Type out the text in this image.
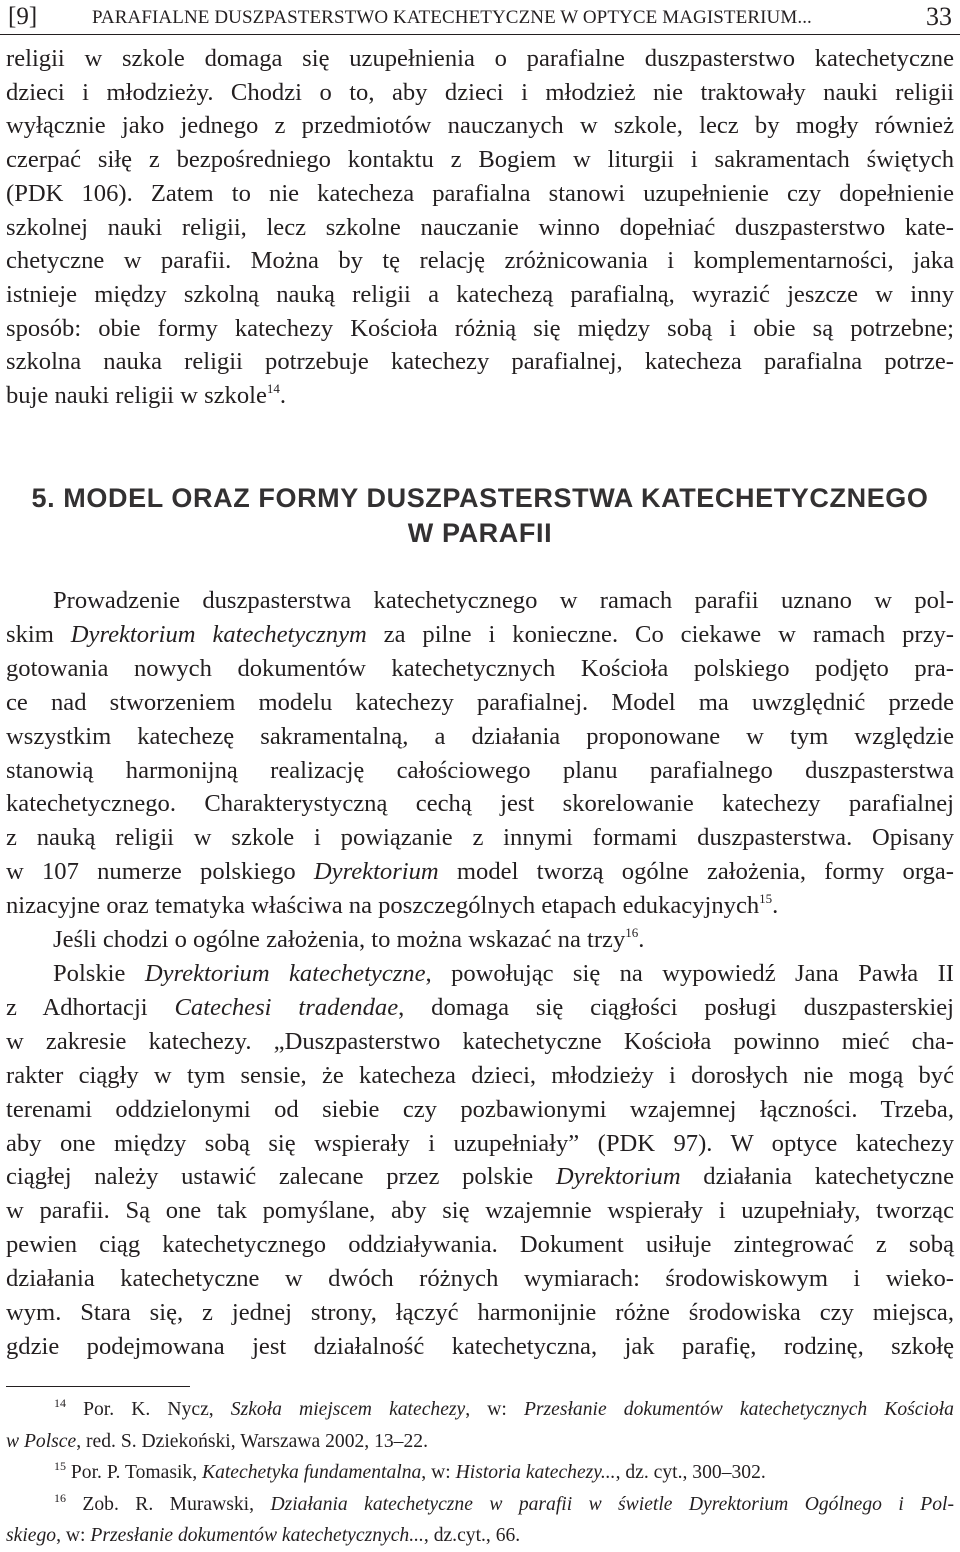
[9]	PARAFIALNE DUSZPASTERSTWO KATECHETYCZNE W OPTYCE MAGISTERIUM...	33
religii w szkole domaga się uzupełnienia o parafialne duszpasterstwo katechetyczne
dzieci i młodzieży. Chodzi o to, aby dzieci i młodzież nie traktowały nauki religii
wyłącznie jako jednego z przedmiotów nauczanych w szkole, lecz by mogły również
czerpać siłę z bezpośredniego kontaktu z Bogiem w liturgii i sakramentach świętych
(PDK 106). Zatem to nie katecheza parafialna stanowi uzupełnienie czy dopełnienie
szkolnej nauki religii, lecz szkolne nauczanie winno dopełniać duszpasterstwo kate-
chetyczne w parafii. Można by tę relację zróżnicowania i komplementarności, jaka
istnieje między szkolną nauką religii a katechezą parafialną, wyrazić jeszcze w inny
sposób: obie formy katechezy Kościoła różnią się między sobą i obie są potrzebne;
szkolna nauka religii potrzebuje katechezy parafialnej, katecheza parafialna potrze-
buje nauki religii w szkole$^{14}$.
5. MODEL ORAZ FORMY DUSZPASTERSTWA KATECHETYCZNEGO
W PARAFII
Prowadzenie duszpasterstwa katechetycznego w ramach parafii uznano w pol-
skim Dyrektorium katechetycznym za pilne i konieczne. Co ciekawe w ramach przy-
gotowania nowych dokumentów katechetycznych Kościoła polskiego podjęto pra-
ce nad stworzeniem modelu katechezy parafialnej. Model ma uwzględnić przede
wszystkim katechezę sakramentalną, a działania proponowane w tym względzie
stanowią harmonijną realizację całościowego planu parafialnego duszpasterstwa
katechetycznego. Charakterystyczną cechą jest skorelowanie katechezy parafialnej
z nauką religii w szkole i powiązanie z innymi formami duszpasterstwa. Opisany
w 107 numerze polskiego Dyrektorium model tworzą ogólne założenia, formy orga-
nizacyjne oraz tematyka właściwa na poszczególnych etapach edukacyjnych$^{15}$.
Jeśli chodzi o ogólne założenia, to można wskazać na trzy$^{16}$.
Polskie Dyrektorium katechetyczne, powołując się na wypowiedź Jana Pawła II
z Adhortacji Catechesi tradendae, domaga się ciągłości posługi duszpasterskiej
w zakresie katechezy. „Duszpasterstwo katechetyczne Kościoła powinno mieć cha-
rakter ciągły w tym sensie, że katecheza dzieci, młodzieży i dorosłych nie mogą być
terenami oddzielonymi od siebie czy pozbawionymi wzajemnej łączności. Trzeba,
aby one między sobą się wspierały i uzupełniały” (PDK 97). W optyce katechezy
ciągłej należy ustawić zalecane przez polskie Dyrektorium działania katechetyczne
w parafii. Są one tak pomyślane, aby się wzajemnie wspierały i uzupełniały, tworząc
pewien ciąg katechetycznego oddziaływania. Dokument usiłuje zintegrować z sobą
działania katechetyczne w dwóch różnych wymiarach: środowiskowym i wieko-
wym. Stara się, z jednej strony, łączyć harmonijnie różne środowiska czy miejsca,
gdzie podejmowana jest działalność katechetyczna, jak parafię, rodzinę, szkołę
$^{14}$ Por. K. Nycz, Szkoła miejscem katechezy, w: Przesłanie dokumentów katechetycznych Kościoła
w Polsce, red. S. Dziekoński, Warszawa 2002, 13–22.
$^{15}$ Por. P. Tomasik, Katechetyka fundamentalna, w: Historia katechezy..., dz. cyt., 300–302.
$^{16}$ Zob. R. Murawski, Działania katechetyczne w parafii w świetle Dyrektorium Ogólnego i Pol-
skiego, w: Przesłanie dokumentów katechetycznych..., dz.cyt., 66.
